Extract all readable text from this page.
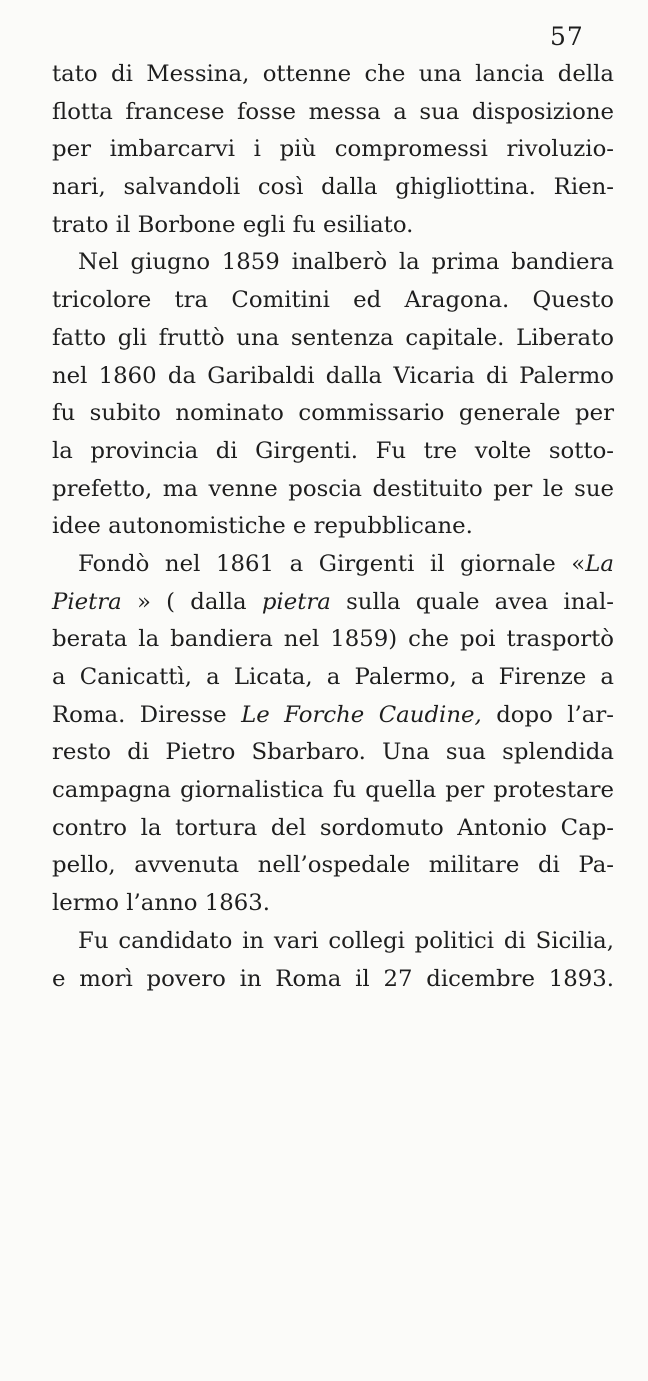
57
tato di Messina, ottenne che una lancia della
flotta francese fosse messa a sua disposizione
per imbarcarvi i più compromessi rivoluzio-
nari, salvandoli così dalla ghigliottina. Rien-
trato il Borbone egli fu esiliato.
Nel giugno 1859 inalberò la prima bandiera
tricolore tra Comitini ed Aragona. Questo
fatto gli fruttò una sentenza capitale. Liberato
nel 1860 da Garibaldi dalla Vicaria di Palermo
fu subito nominato commissario generale per
la provincia di Girgenti. Fu tre volte sotto-
prefetto, ma venne poscia destituito per le sue
idee autonomistiche e repubblicane.
Fondò nel 1861 a Girgenti il giornale «La
Pietra » ( dalla pietra sulla quale avea inal-
berata la bandiera nel 1859) che poi trasportò
a Canicattì, a Licata, a Palermo, a Firenze a
Roma. Diresse Le Forche Caudine, dopo l’ar-
resto di Pietro Sbarbaro. Una sua splendida
campagna giornalistica fu quella per protestare
contro la tortura del sordomuto Antonio Cap-
pello, avvenuta nell’ospedale militare di Pa-
lermo l’anno 1863.
Fu candidato in vari collegi politici di Sicilia,
e morì povero in Roma il 27 dicembre 1893.
